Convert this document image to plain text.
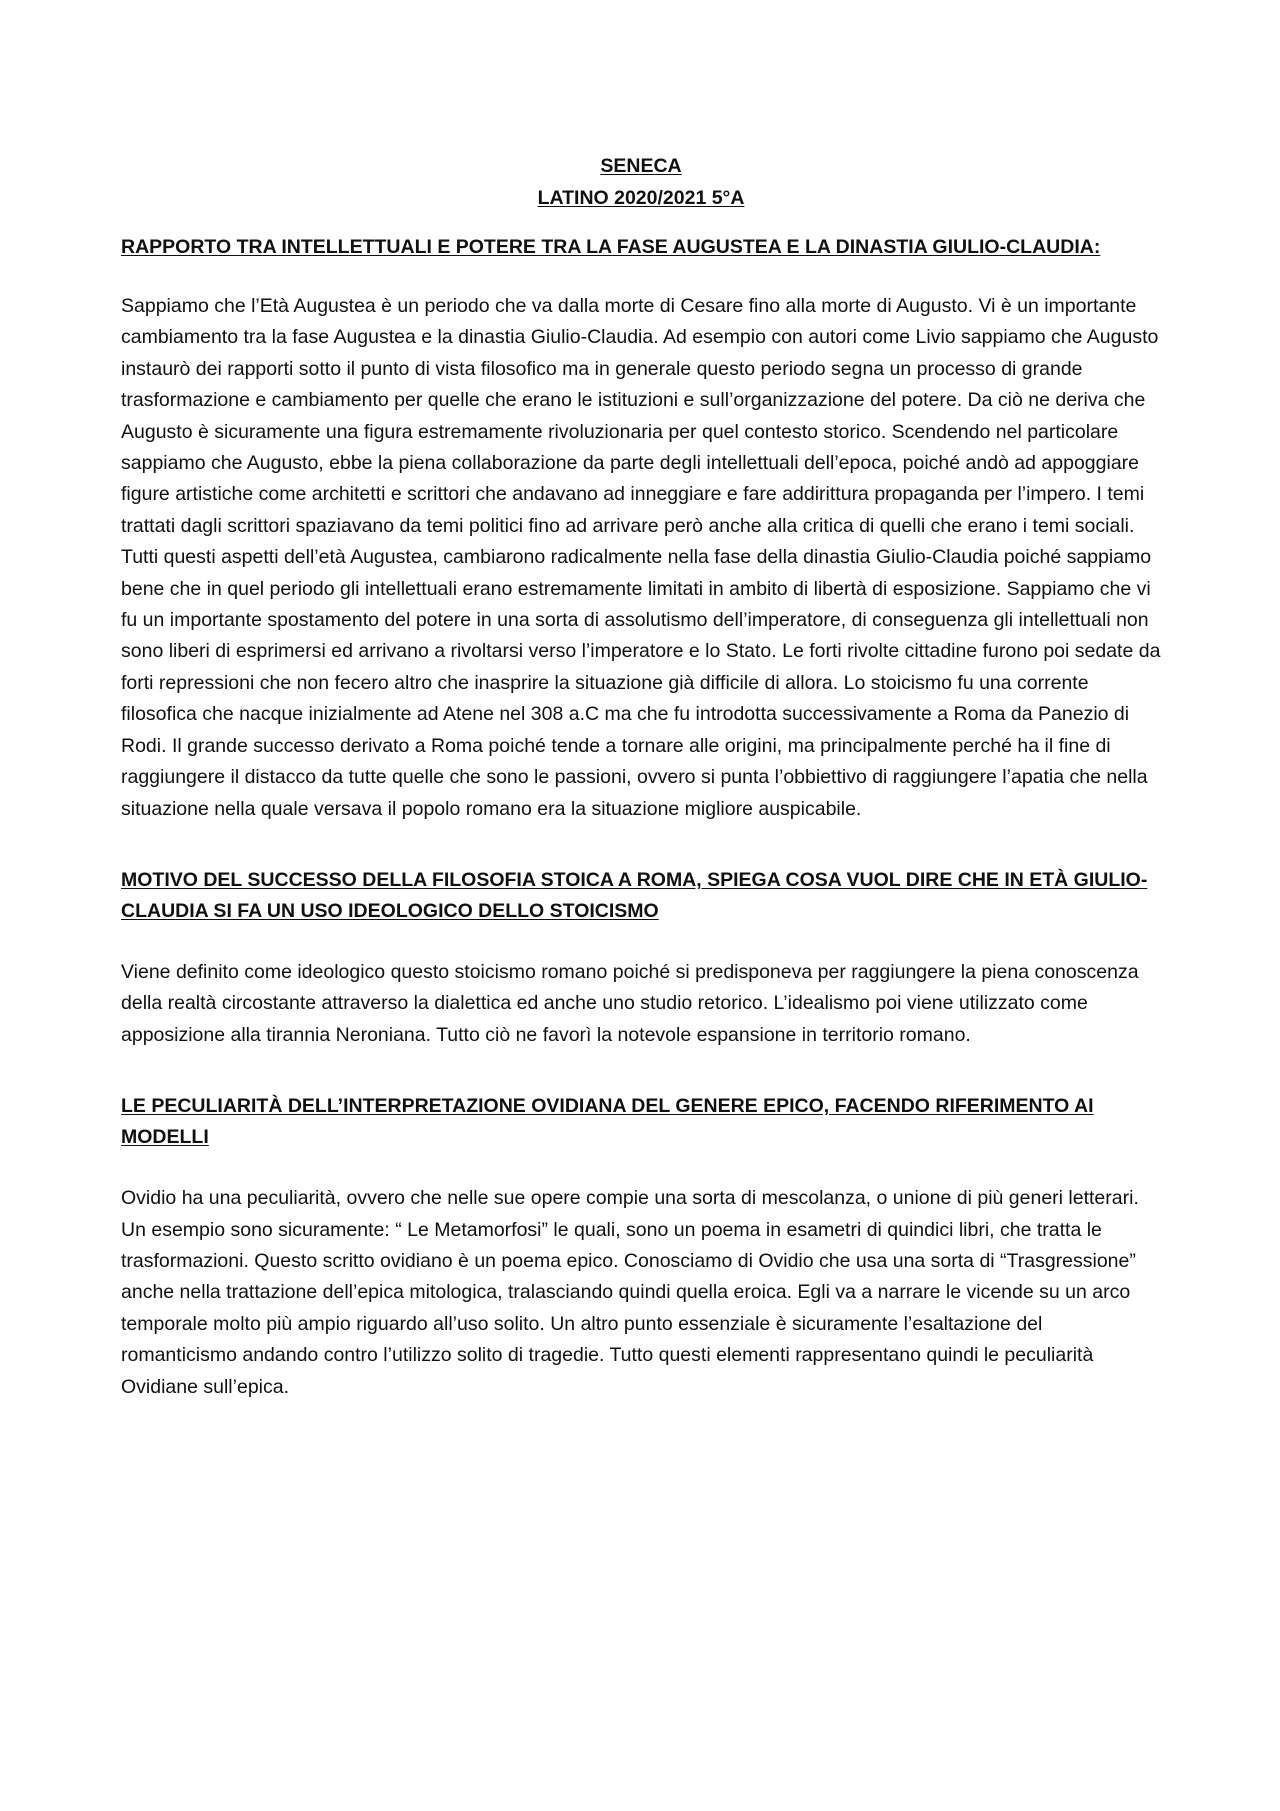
SENECA
LATINO 2020/2021 5°A
RAPPORTO TRA INTELLETTUALI E POTERE TRA LA FASE AUGUSTEA E LA DINASTIA GIULIO-CLAUDIA:
Sappiamo che l’Età Augustea è un periodo che va dalla morte di Cesare fino alla morte di Augusto. Vi è un importante cambiamento tra la fase Augustea e la dinastia Giulio-Claudia. Ad esempio con autori come Livio sappiamo che Augusto instaurò dei rapporti sotto il punto di vista filosofico ma in generale questo periodo segna un processo di grande trasformazione e cambiamento per quelle che erano le istituzioni e sull’organizzazione del potere. Da ciò ne deriva che Augusto è sicuramente una figura estremamente rivoluzionaria per quel contesto storico. Scendendo nel particolare sappiamo che Augusto, ebbe la piena collaborazione da parte degli intellettuali dell’epoca, poiché andò ad appoggiare figure artistiche come architetti e scrittori che andavano ad inneggiare e fare addirittura propaganda per l’impero. I temi trattati dagli scrittori spaziavano da temi politici fino ad arrivare però anche alla critica di quelli che erano i temi sociali. Tutti questi aspetti dell’età Augustea, cambiarono radicalmente nella fase della dinastia Giulio-Claudia poiché sappiamo bene che in quel periodo gli intellettuali erano estremamente limitati in ambito di libertà di esposizione. Sappiamo che vi fu un importante spostamento del potere in una sorta di assolutismo dell’imperatore, di conseguenza gli intellettuali non sono liberi di esprimersi ed arrivano a rivoltarsi verso l’imperatore e lo Stato. Le forti rivolte cittadine furono poi sedate da forti repressioni che non fecero altro che inasprire la situazione già difficile di allora. Lo stoicismo fu una corrente filosofica che nacque inizialmente ad Atene nel 308 a.C ma che fu introdotta successivamente a Roma da Panezio di Rodi. Il grande successo derivato a Roma poiché tende a tornare alle origini, ma principalmente perché ha il fine di raggiungere il distacco da tutte quelle che sono le passioni, ovvero si punta l’obbiettivo di raggiungere l’apatia che nella situazione nella quale versava il popolo romano era la situazione migliore auspicabile.
MOTIVO DEL SUCCESSO DELLA FILOSOFIA STOICA A ROMA, SPIEGA COSA VUOL DIRE CHE IN ETÀ GIULIO-CLAUDIA SI FA UN USO IDEOLOGICO DELLO STOICISMO
Viene definito come ideologico questo stoicismo romano poiché si predisponeva per raggiungere la piena conoscenza della realtà circostante attraverso la dialettica ed anche uno studio retorico. L’idealismo poi viene utilizzato come apposizione alla tirannia Neroniana. Tutto ciò ne favorì la notevole espansione in territorio romano.
LE PECULIARITÀ DELL’INTERPRETAZIONE OVIDIANA DEL GENERE EPICO, FACENDO RIFERIMENTO AI MODELLI
Ovidio ha una peculiarità, ovvero che nelle sue opere compie una sorta di mescolanza, o unione di più generi letterari. Un esempio sono sicuramente: “ Le Metamorfosi” le quali, sono un poema in esametri di quindici libri, che tratta le trasformazioni. Questo scritto ovidiano è un poema epico. Conosciamo di Ovidio che usa una sorta di “Trasgressione” anche nella trattazione dell’epica mitologica, tralasciando quindi quella eroica. Egli va a narrare le vicende su un arco temporale molto più ampio riguardo all’uso solito. Un altro punto essenziale è sicuramente l’esaltazione del romanticismo andando contro l’utilizzo solito di tragedie. Tutto questi elementi rappresentano quindi le peculiarità Ovidiane sull’epica.
